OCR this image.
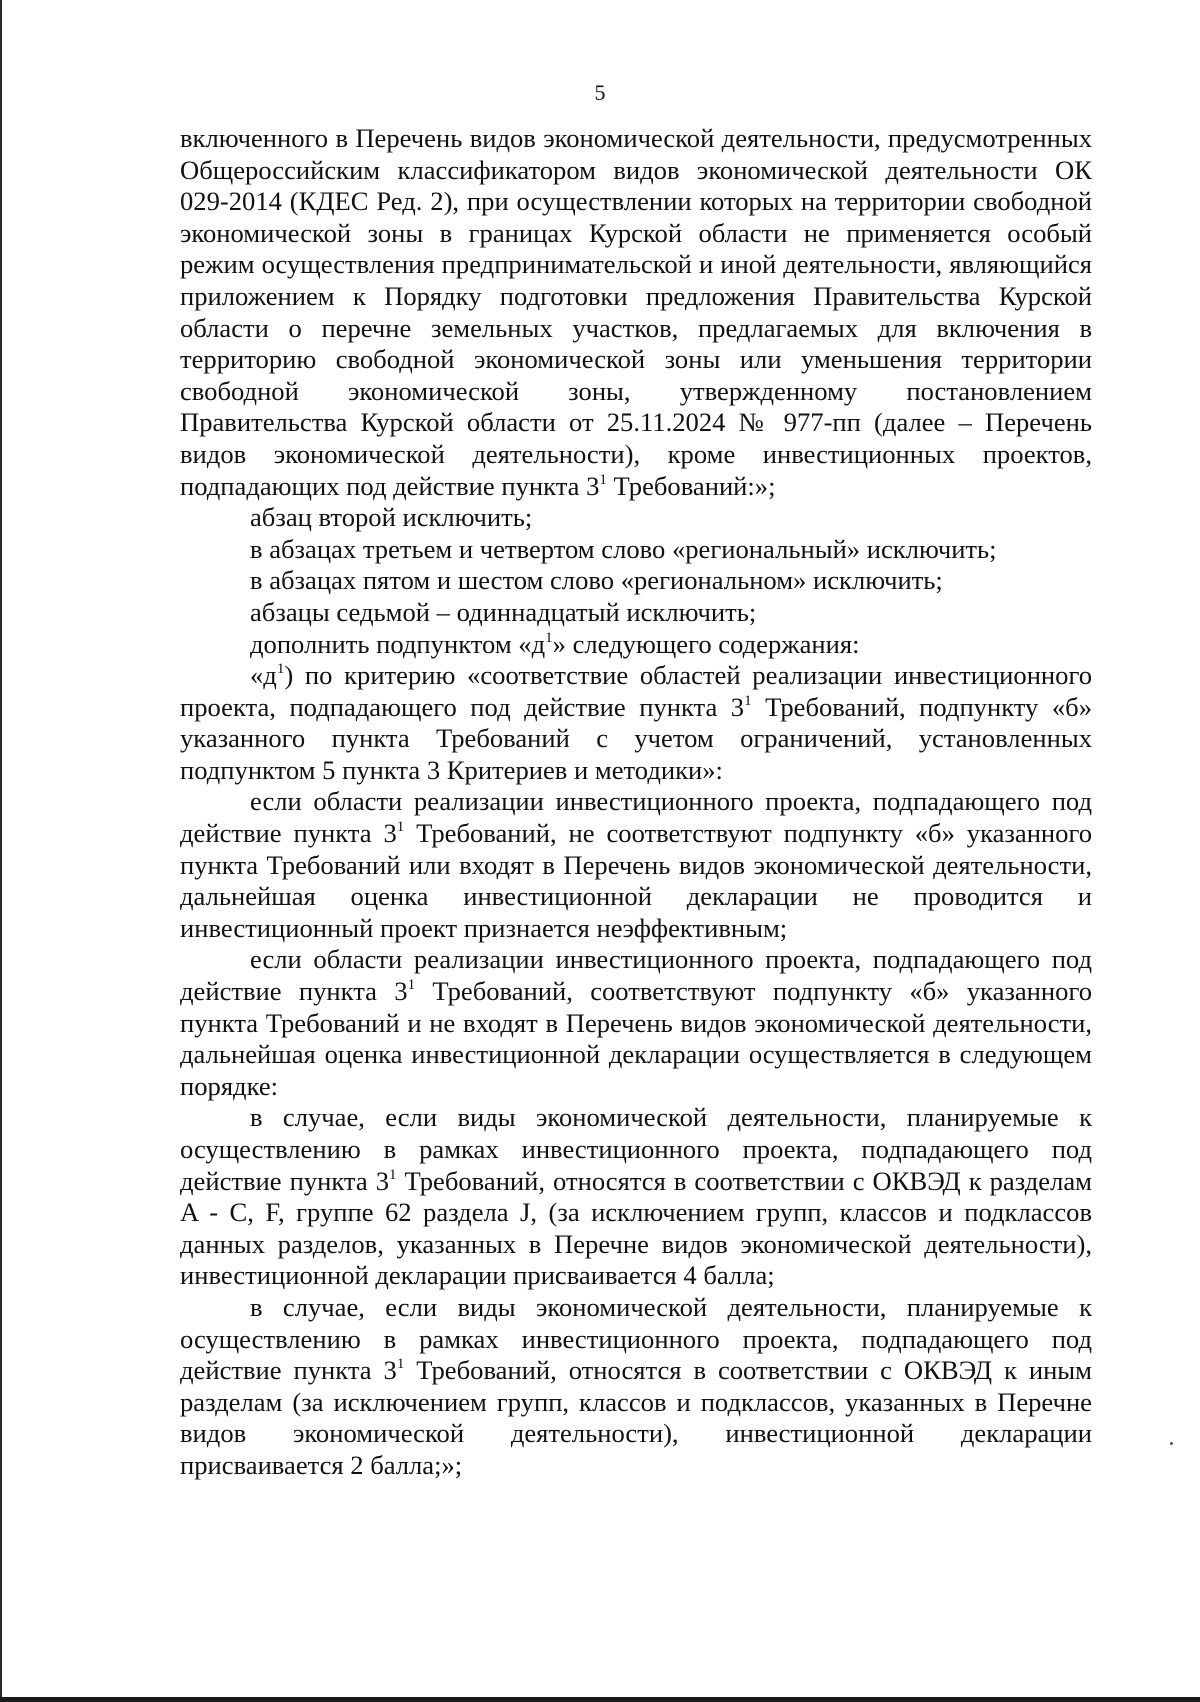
5

включенного в Перечень видов экономической деятельности, предусмотренных Общероссийским классификатором видов экономической деятельности ОК 029-2014 (КДЕС Ред. 2), при осуществлении которых на территории свободной экономической зоны в границах Курской области не применяется особый режим осуществления предпринимательской и иной деятельности, являющийся приложением к Порядку подготовки предложения Правительства Курской области о перечне земельных участков, предлагаемых для включения в территорию свободной экономической зоны или уменьшения территории свободной экономической зоны, утвержденному постановлением Правительства Курской области от 25.11.2024 № 977-пп (далее – Перечень видов экономической деятельности), кроме инвестиционных проектов, подпадающих под действие пункта $3^1$ Требований:»;

абзац второй исключить;

в абзацах третьем и четвертом слово «региональный» исключить;

в абзацах пятом и шестом слово «региональном» исключить;

абзацы седьмой – одиннадцатый исключить;

дополнить подпунктом «$д^1$» следующего содержания:

«$д^1$) по критерию «соответствие областей реализации инвестиционного проекта, подпадающего под действие пункта $3^1$ Требований, подпункту «б» указанного пункта Требований с учетом ограничений, установленных подпунктом 5 пункта 3 Критериев и методики»:

если области реализации инвестиционного проекта, подпадающего под действие пункта $3^1$ Требований, не соответствуют подпункту «б» указанного пункта Требований или входят в Перечень видов экономической деятельности, дальнейшая оценка инвестиционной декларации не проводится и инвестиционный проект признается неэффективным;

если области реализации инвестиционного проекта, подпадающего под действие пункта $3^1$ Требований, соответствуют подпункту «б» указанного пункта Требований и не входят в Перечень видов экономической деятельности, дальнейшая оценка инвестиционной декларации осуществляется в следующем порядке:

в случае, если виды экономической деятельности, планируемые к осуществлению в рамках инвестиционного проекта, подпадающего под действие пункта $3^1$ Требований, относятся в соответствии с ОКВЭД к разделам A - C, F, группе 62 раздела J, (за исключением групп, классов и подклассов данных разделов, указанных в Перечне видов экономической деятельности), инвестиционной декларации присваивается 4 балла;

в случае, если виды экономической деятельности, планируемые к осуществлению в рамках инвестиционного проекта, подпадающего под действие пункта $3^1$ Требований, относятся в соответствии с ОКВЭД к иным разделам (за исключением групп, классов и подклассов, указанных в Перечне видов экономической деятельности), инвестиционной декларации присваивается 2 балла;»;
